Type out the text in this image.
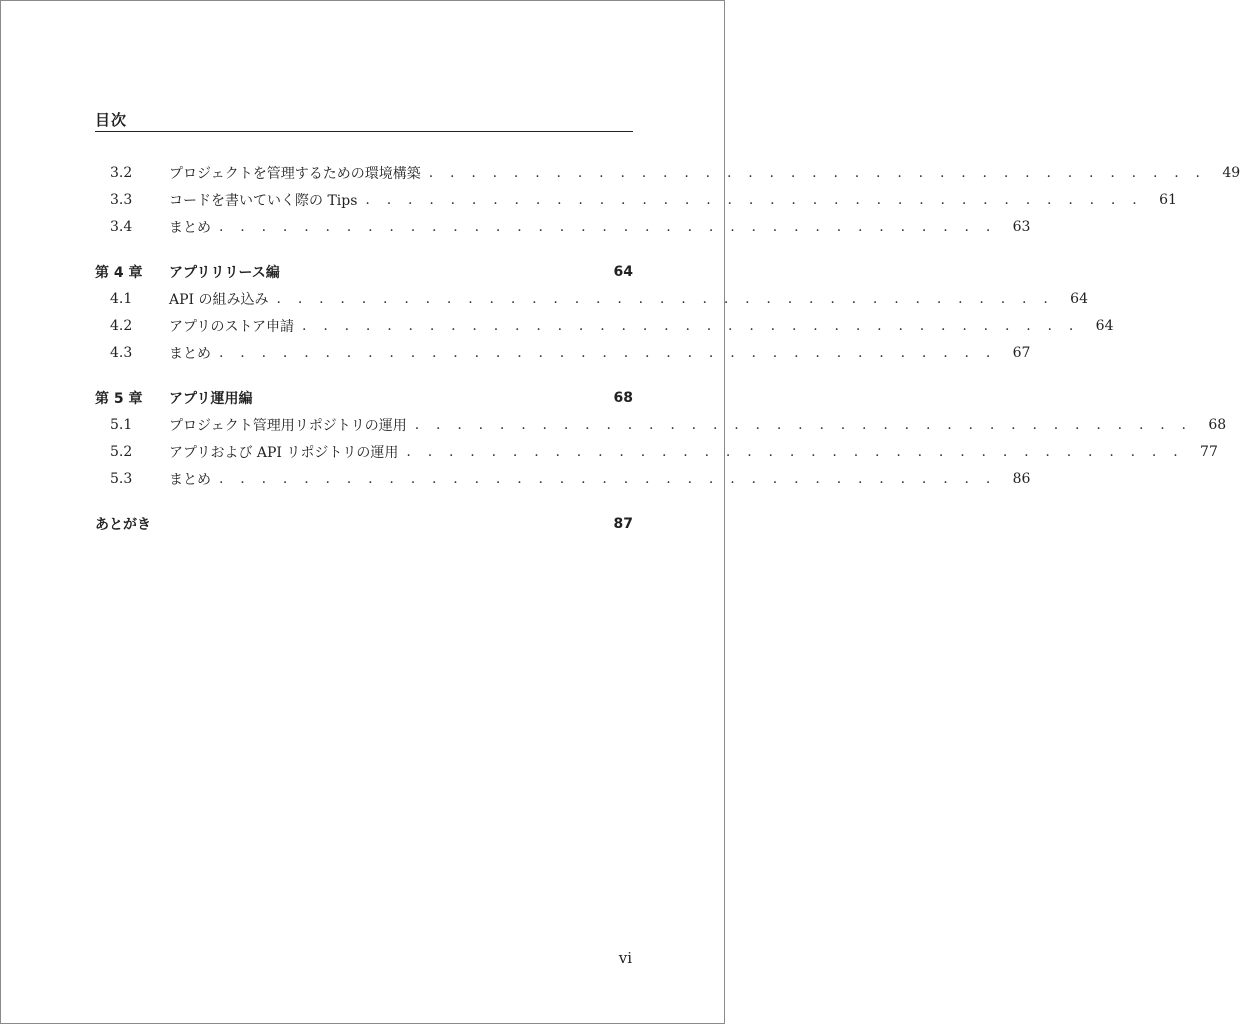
目次
3.2	プロジェクトを管理するための環境構築 . . . . . . . . . . . . . . . . . . . . . . . . . . . . . . . . . . . . .	49
3.3	コードを書いていく際の Tips . . . . . . . . . . . . . . . . . . . . . . . . . . . . . . . . . . . . .	61
3.4	まとめ . . . . . . . . . . . . . . . . . . . . . . . . . . . . . . . . . . . . .	63
第 4 章	アプリリリース編	64
4.1	API の組み込み . . . . . . . . . . . . . . . . . . . . . . . . . . . . . . . . . . . . .	64
4.2	アプリのストア申請 . . . . . . . . . . . . . . . . . . . . . . . . . . . . . . . . . . . . .	64
4.3	まとめ . . . . . . . . . . . . . . . . . . . . . . . . . . . . . . . . . . . . .	67
第 5 章	アプリ運用編	68
5.1	プロジェクト管理用リポジトリの運用 . . . . . . . . . . . . . . . . . . . . . . . . . . . . . . . . . . . . .	68
5.2	アプリおよび API リポジトリの運用 . . . . . . . . . . . . . . . . . . . . . . . . . . . . . . . . . . . . .	77
5.3	まとめ . . . . . . . . . . . . . . . . . . . . . . . . . . . . . . . . . . . . .	86
あとがき	87
vi
